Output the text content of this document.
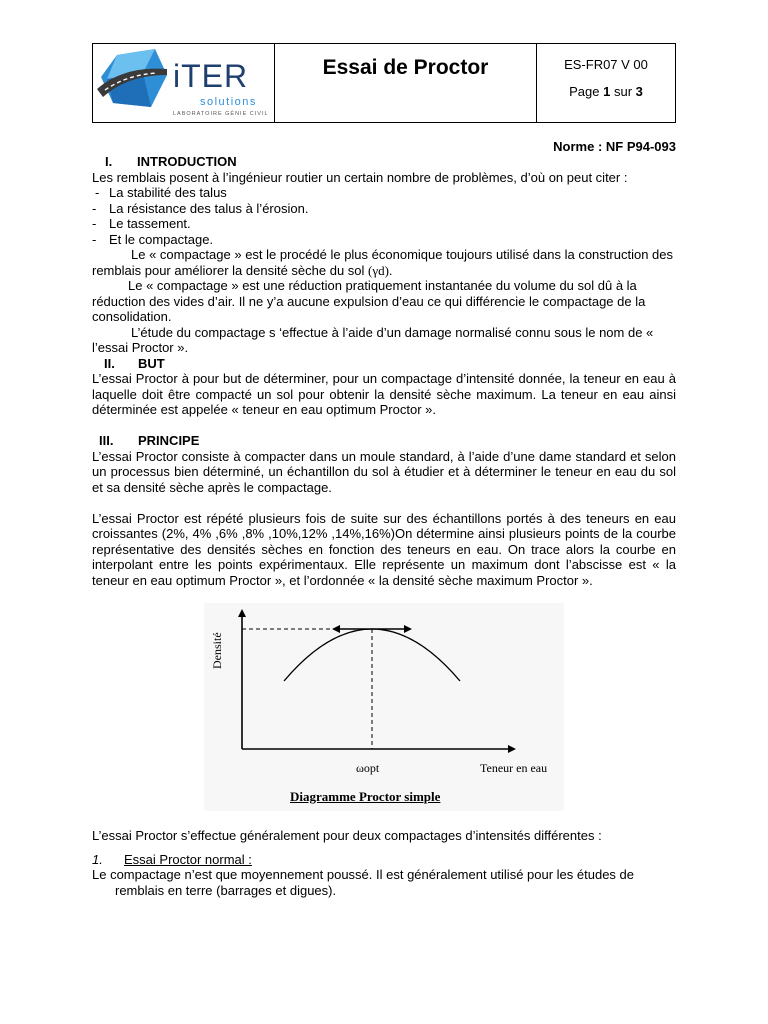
iTER
solutions
LABORATOIRE GÉNIE CIVIL
Essai de Proctor	ES-FR07 V 00
Page 1 sur 3
Norme : NF P94-093
I. INTRODUCTION
Les remblais posent à l’ingénieur routier un certain nombre de problèmes, d’où on peut citer :
- La stabilité des talus
- La résistance des talus à l’érosion.
- Le tassement.
- Et le compactage.
Le « compactage » est le procédé le plus économique toujours utilisé dans la construction des remblais pour améliorer la densité sèche du sol (γd).
Le « compactage » est une réduction pratiquement instantanée du volume du sol dû à la réduction des vides d’air. Il ne y’a aucune expulsion d’eau ce qui différencie le compactage de la consolidation.
L’étude du compactage s ‘effectue à l’aide d’un damage normalisé connu sous le nom de « l’essai Proctor ».
II. BUT
L’essai Proctor à pour but de déterminer, pour un compactage d’intensité donnée, la teneur en eau à laquelle doit être compacté un sol pour obtenir la densité sèche maximum. La teneur en eau ainsi déterminée est appelée « teneur en eau optimum Proctor ».
III. PRINCIPE
L’essai Proctor consiste à compacter dans un moule standard, à l’aide d’une dame standard et selon un processus bien déterminé, un échantillon du sol à étudier et à déterminer le teneur en eau du sol et sa densité sèche après le compactage.
L’essai Proctor est répété plusieurs fois de suite sur des échantillons portés à des teneurs en eau croissantes (2%, 4% ,6% ,8% ,10%,12% ,14%,16%)On détermine ainsi plusieurs points de la courbe représentative des densités sèches en fonction des teneurs en eau. On trace alors la courbe en interpolant entre les points expérimentaux. Elle représente un maximum dont l’abscisse est « la teneur en eau optimum Proctor », et l’ordonnée « la densité sèche maximum Proctor ».
Densité
ωopt	Teneur en eau
Diagramme Proctor simple
L’essai Proctor s’effectue généralement pour deux compactages d’intensités différentes :
1. Essai Proctor normal :
Le compactage n’est que moyennement poussé. Il est généralement utilisé pour les études de remblais en terre (barrages et digues).
